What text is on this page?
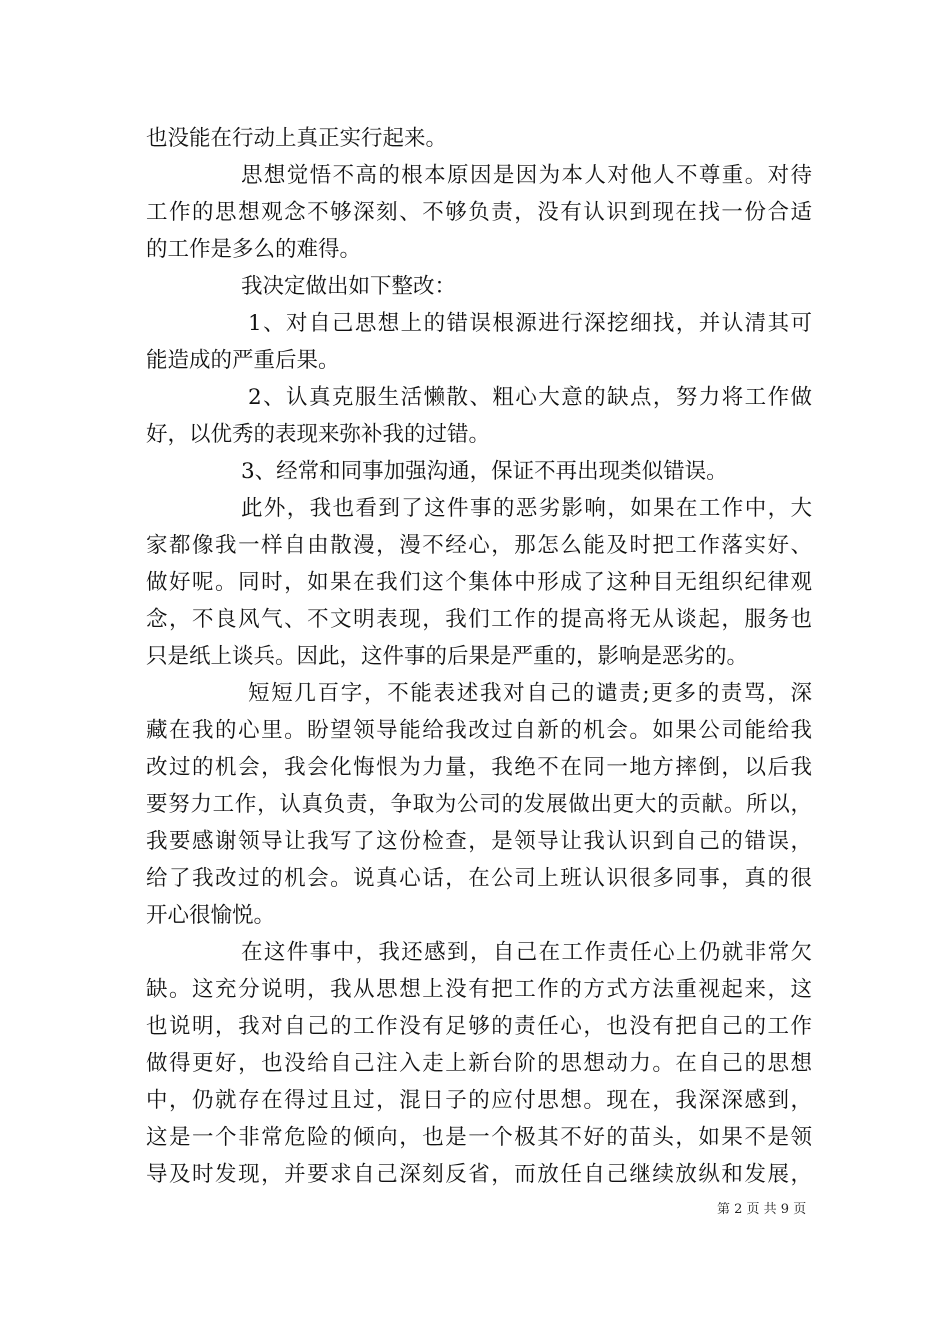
也没能在行动上真正实行起来。
思想觉悟不高的根本原因是因为本人对他人不尊重。对待
工作的思想观念不够深刻、不够负责，没有认识到现在找一份合适
的工作是多么的难得。
我决定做出如下整改：
1、对自己思想上的错误根源进行深挖细找，并认清其可
能造成的严重后果。
2、认真克服生活懒散、粗心大意的缺点，努力将工作做
好，以优秀的表现来弥补我的过错。
3、经常和同事加强沟通，保证不再出现类似错误。
此外，我也看到了这件事的恶劣影响，如果在工作中，大
家都像我一样自由散漫，漫不经心，那怎么能及时把工作落实好、
做好呢。同时，如果在我们这个集体中形成了这种目无组织纪律观
念，不良风气、不文明表现，我们工作的提高将无从谈起，服务也
只是纸上谈兵。因此，这件事的后果是严重的，影响是恶劣的。
短短几百字，不能表述我对自己的谴责;更多的责骂，深
藏在我的心里。盼望领导能给我改过自新的机会。如果公司能给我
改过的机会，我会化悔恨为力量，我绝不在同一地方摔倒，以后我
要努力工作，认真负责，争取为公司的发展做出更大的贡献。所以，
我要感谢领导让我写了这份检查，是领导让我认识到自己的错误，
给了我改过的机会。说真心话，在公司上班认识很多同事，真的很
开心很愉悦。
在这件事中，我还感到，自己在工作责任心上仍就非常欠
缺。这充分说明，我从思想上没有把工作的方式方法重视起来，这
也说明，我对自己的工作没有足够的责任心，也没有把自己的工作
做得更好，也没给自己注入走上新台阶的思想动力。在自己的思想
中，仍就存在得过且过，混日子的应付思想。现在，我深深感到，
这是一个非常危险的倾向，也是一个极其不好的苗头，如果不是领
导及时发现，并要求自己深刻反省，而放任自己继续放纵和发展，
第 2 页 共 9 页
